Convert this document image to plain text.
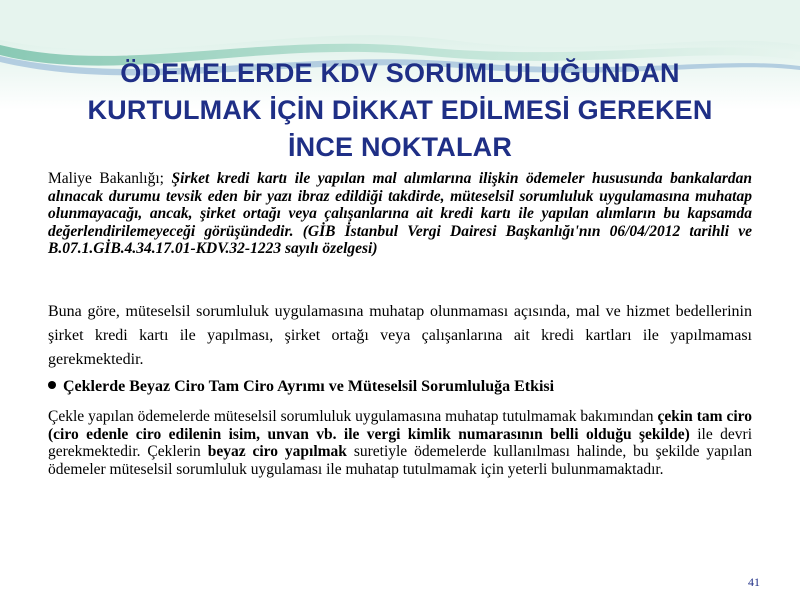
ÖDEMELERDE KDV SORUMLULUĞUNDAN
KURTULMAK İÇİN DİKKAT EDİLMESİ GEREKEN
İNCE NOKTALAR
Maliye Bakanlığı; Şirket kredi kartı ile yapılan mal alımlarına ilişkin ödemeler hususunda bankalardan alınacak durumu tevsik eden bir yazı ibraz edildiği takdirde, müteselsil sorumluluk uygulamasına muhatap olunmayacağı, ancak, şirket ortağı veya çalışanlarına ait kredi kartı ile yapılan alımların bu kapsamda değerlendirilemeyeceği görüşündedir. (GİB İstanbul Vergi Dairesi Başkanlığı'nın 06/04/2012 tarihli ve B.07.1.GİB.4.34.17.01-KDV.32-1223 sayılı özelgesi)
Buna göre, müteselsil sorumluluk uygulamasına muhatap olunmaması açısında, mal ve hizmet bedellerinin şirket kredi kartı ile yapılması, şirket ortağı veya çalışanlarına ait kredi kartları ile yapılmaması gerekmektedir.
Çeklerde Beyaz Ciro Tam Ciro Ayrımı ve Müteselsil Sorumluluğa Etkisi
Çekle yapılan ödemelerde müteselsil sorumluluk uygulamasına muhatap tutulmamak bakımından çekin tam ciro (ciro edenle ciro edilenin isim, unvan vb. ile vergi kimlik numarasının belli olduğu şekilde) ile devri gerekmektedir. Çeklerin beyaz ciro yapılmak suretiyle ödemelerde kullanılması halinde, bu şekilde yapılan ödemeler müteselsil sorumluluk uygulaması ile muhatap tutulmamak için yeterli bulunmamaktadır.
41
